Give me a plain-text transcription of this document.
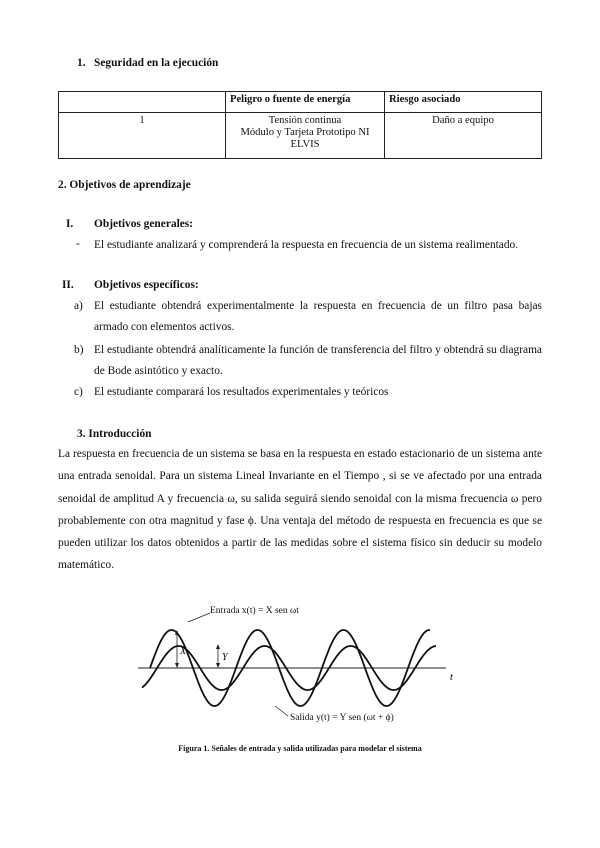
1. Seguridad en la ejecución
	Peligro o fuente de energía	Riesgo asociado
1	Tensión continua
Módulo y Tarjeta Prototipo NI
ELVIS	Daño a equipo
2. Objetivos de aprendizaje
I. Objetivos generales:
- El estudiante analizará y comprenderá la respuesta en frecuencia de un sistema realimentado.
II. Objetivos específicos:
a) El estudiante obtendrá experimentalmente la respuesta en frecuencia de un filtro pasa bajas armado con elementos activos.
b) El estudiante obtendrá analíticamente la función de transferencia del filtro y obtendrá su diagrama de Bode asintótico y exacto.
c) El estudiante comparará los resultados experimentales y teóricos
3. Introducción
La respuesta en frecuencia de un sistema se basa en la respuesta en estado estacionario de un sistema ante una entrada senoidal. Para un sistema Lineal Invariante en el Tiempo , si se ve afectado por una entrada senoidal de amplitud A y frecuencia ω, su salida seguirá siendo senoidal con la misma frecuencia ω pero probablemente con otra magnitud y fase ϕ. Una ventaja del método de respuesta en frecuencia es que se pueden utilizar los datos obtenidos a partir de las medidas sobre el sistema físico sin deducir su modelo matemático.
t
X
Y
Entrada x(t) = X sen ωt
Salida y(t) = Y sen (ωt + ϕ)
Figura 1. Señales de entrada y salida utilizadas para modelar el sistema
